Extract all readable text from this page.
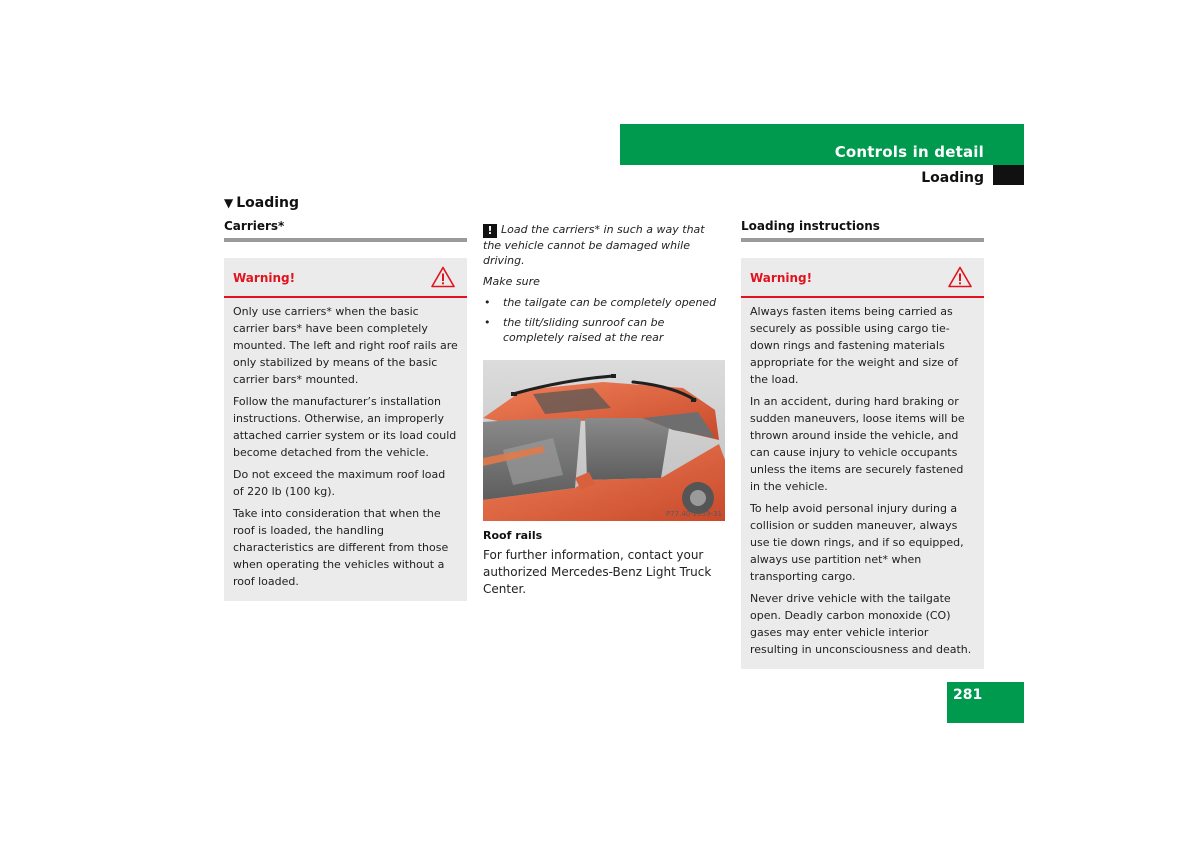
Controls in detail
Loading
▼ Loading
Carriers*
Warning!

Only use carriers* when the basic carrier bars* have been completely mounted. The left and right roof rails are only stabilized by means of the basic carrier bars* mounted.

Follow the manufacturer’s installation instructions. Otherwise, an improperly attached carrier system or its load could become detached from the vehicle.

Do not exceed the maximum roof load of 220 lb (100 kg).

Take into consideration that when the roof is loaded, the handling characteristics are different from those when operating the vehicles without a roof loaded.

! Load the carriers* in such a way that the vehicle cannot be damaged while driving.

Make sure

• the tailgate can be completely opened
• the tilt/sliding sunroof can be completely raised at the rear
P77.40-2059-31
Roof rails
For further information, contact your authorized Mercedes-Benz Light Truck Center.
Loading instructions
Warning!

Always fasten items being carried as securely as possible using cargo tie-down rings and fastening materials appropriate for the weight and size of the load.

In an accident, during hard braking or sudden maneuvers, loose items will be thrown around inside the vehicle, and can cause injury to vehicle occupants unless the items are securely fastened in the vehicle.

To help avoid personal injury during a collision or sudden maneuver, always use tie down rings, and if so equipped, always use partition net* when transporting cargo.

Never drive vehicle with the tailgate open. Deadly carbon monoxide (CO) gases may enter vehicle interior resulting in unconsciousness and death.

281
